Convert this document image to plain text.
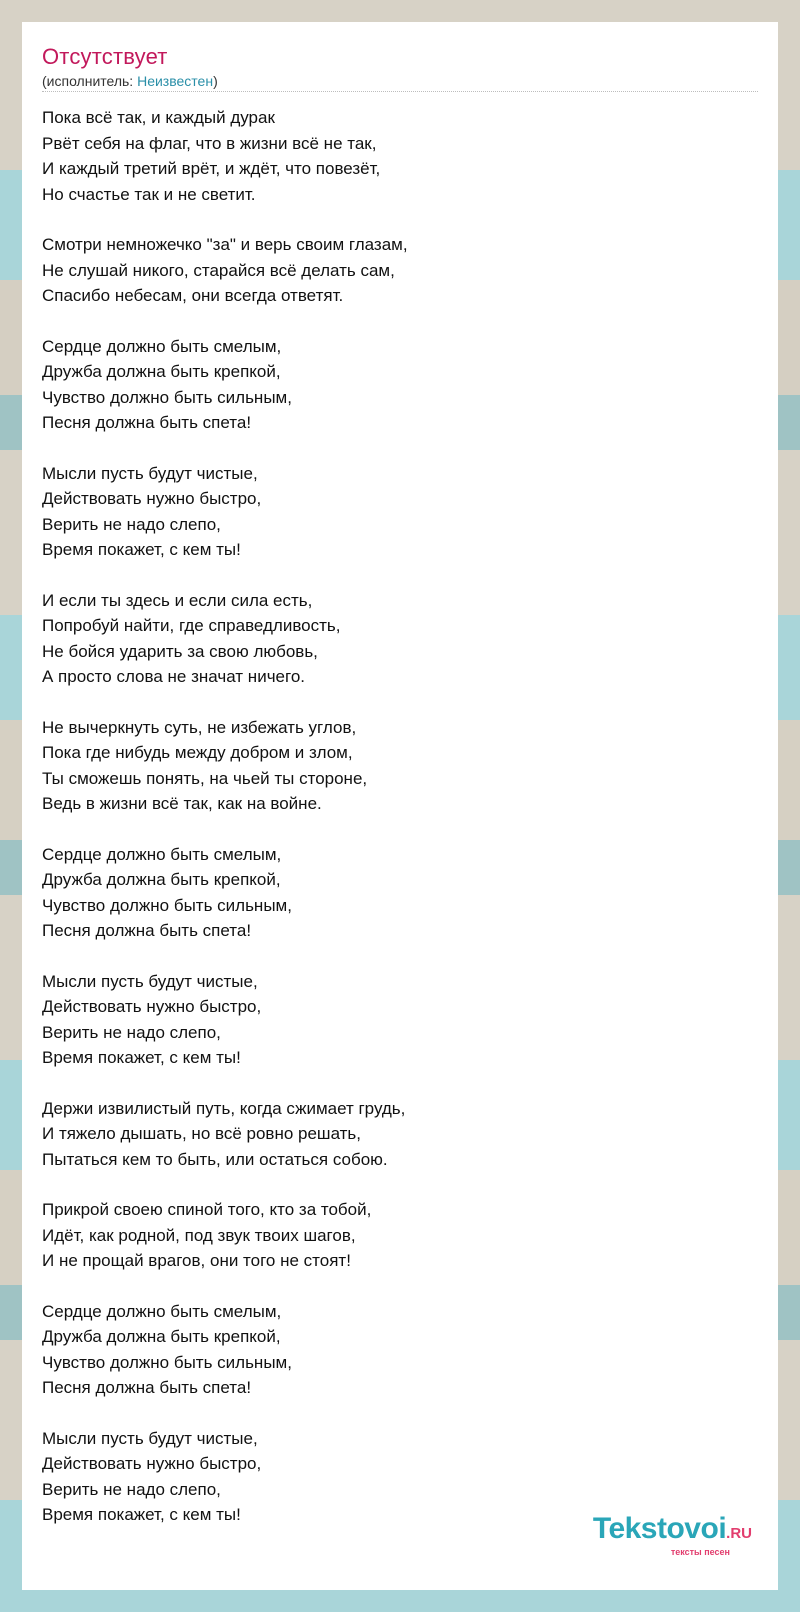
Отсутствует
(исполнитель: Неизвестен)
Пока всё так, и каждый дурак
Рвёт себя на флаг, что в жизни всё не так,
И каждый третий врёт, и ждёт, что повезёт,
Но счастье так и не светит.
Смотри немножечко "за" и верь своим глазам,
Не слушай никого, старайся всё делать сам,
Спасибо небесам, они всегда ответят.
Сердце должно быть смелым,
Дружба должна быть крепкой,
Чувство должно быть сильным,
Песня должна быть спета!
Мысли пусть будут чистые,
Действовать нужно быстро,
Верить не надо слепо,
Время покажет, с кем ты!
И если ты здесь и если сила есть,
Попробуй найти, где справедливость,
Не бойся ударить за свою любовь,
А просто слова не значат ничего.
Не вычеркнуть суть, не избежать углов,
Пока где нибудь между добром и злом,
Ты сможешь понять, на чьей ты стороне,
Ведь в жизни всё так, как на войне.
Сердце должно быть смелым,
Дружба должна быть крепкой,
Чувство должно быть сильным,
Песня должна быть спета!
Мысли пусть будут чистые,
Действовать нужно быстро,
Верить не надо слепо,
Время покажет, с кем ты!
Держи извилистый путь, когда сжимает грудь,
И тяжело дышать, но всё ровно решать,
Пытаться кем то быть, или остаться собою.
Прикрой своею спиной того, кто за тобой,
Идёт, как родной, под звук твоих шагов,
И не прощай врагов, они того не стоят!
Сердце должно быть смелым,
Дружба должна быть крепкой,
Чувство должно быть сильным,
Песня должна быть спета!
Мысли пусть будут чистые,
Действовать нужно быстро,
Верить не надо слепо,
Время покажет, с кем ты!	Tekstovoi.RU
тексты песен
